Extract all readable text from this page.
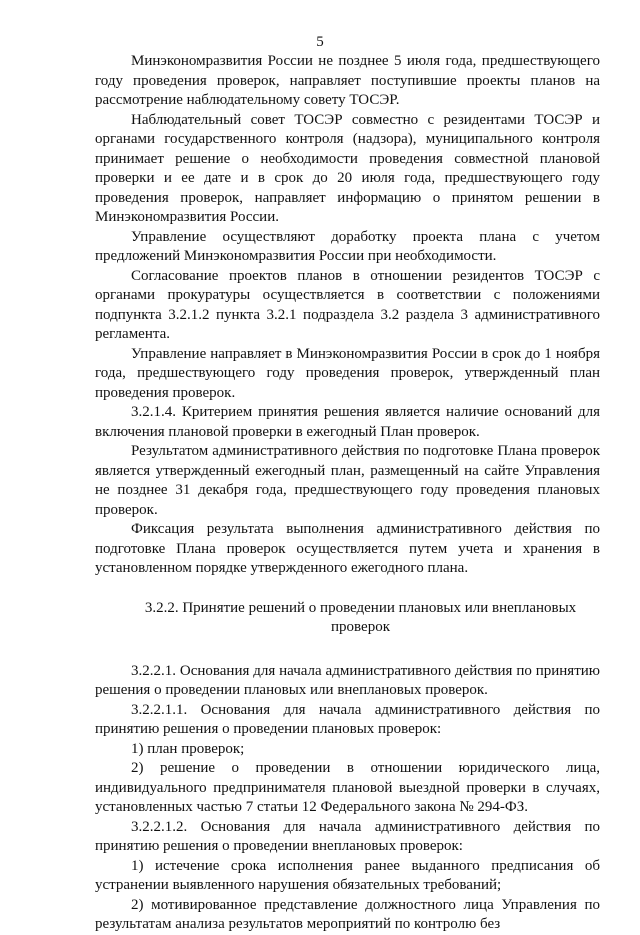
5

Минэкономразвития России не позднее 5 июля года, предшествующего году проведения проверок, направляет поступившие проекты планов на рассмотрение наблюдательному совету ТОСЭР.

Наблюдательный совет ТОСЭР совместно с резидентами ТОСЭР и органами государственного контроля (надзора), муниципального контроля принимает решение о необходимости проведения совместной плановой проверки и ее дате и в срок до 20 июля года, предшествующего году проведения проверок, направляет информацию о принятом решении в Минэкономразвития России.

Управление осуществляют доработку проекта плана с учетом предложений Минэкономразвития России при необходимости.

Согласование проектов планов в отношении резидентов ТОСЭР с органами прокуратуры осуществляется в соответствии с положениями подпункта 3.2.1.2 пункта 3.2.1 подраздела 3.2 раздела 3 административного регламента.

Управление направляет в Минэкономразвития России в срок до 1 ноября года, предшествующего году проведения проверок, утвержденный план проведения проверок.

3.2.1.4. Критерием принятия решения является наличие оснований для включения плановой проверки в ежегодный План проверок.

Результатом административного действия по подготовке Плана проверок является утвержденный ежегодный план, размещенный на сайте Управления не позднее 31 декабря года, предшествующего году проведения плановых проверок.

Фиксация результата выполнения административного действия по подготовке Плана проверок осуществляется путем учета и хранения в установленном порядке утвержденного ежегодного плана.

3.2.2. Принятие решений о проведении плановых или внеплановых проверок

3.2.2.1. Основания для начала административного действия по принятию решения о проведении плановых или внеплановых проверок.

3.2.2.1.1. Основания для начала административного действия по принятию решения о проведении плановых проверок:

1) план проверок;

2) решение о проведении в отношении юридического лица, индивидуального предпринимателя плановой выездной проверки в случаях, установленных частью 7 статьи 12 Федерального закона № 294-ФЗ.

3.2.2.1.2. Основания для начала административного действия по принятию решения о проведении внеплановых проверок:

1) истечение срока исполнения ранее выданного предписания об устранении выявленного нарушения обязательных требований;

2) мотивированное представление должностного лица Управления по результатам анализа результатов мероприятий по контролю без
